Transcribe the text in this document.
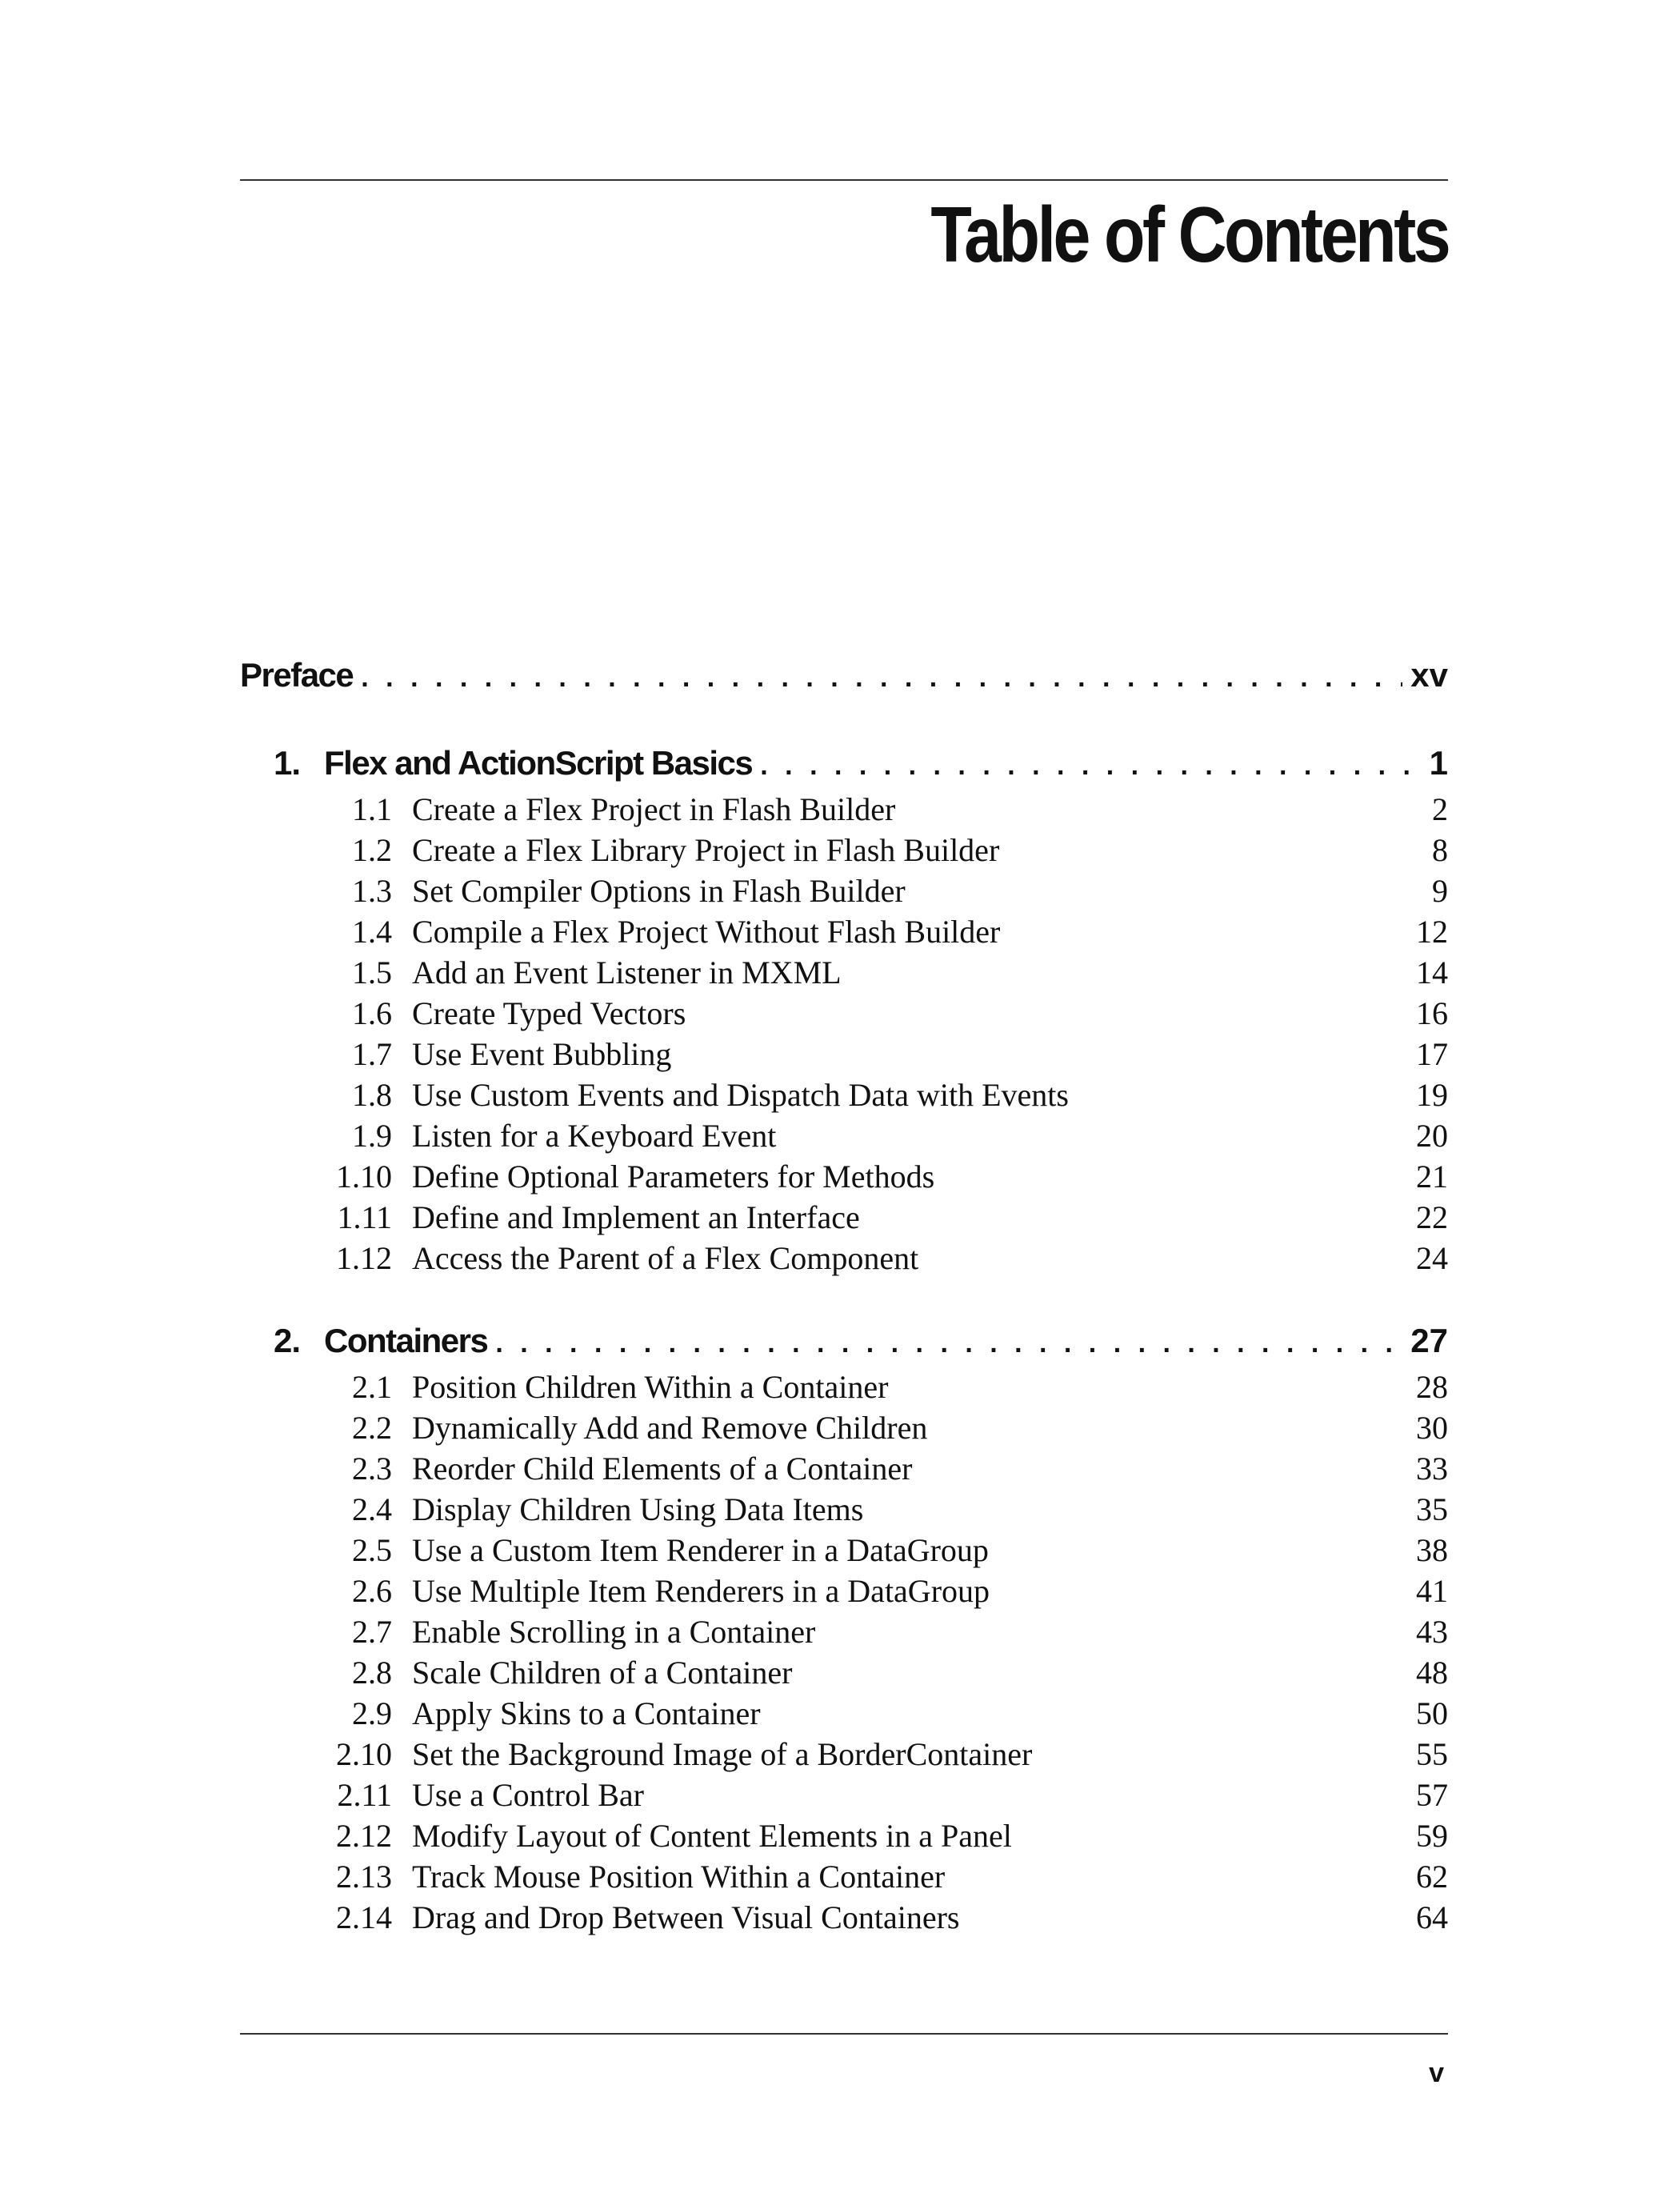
Table of Contents
Preface . . .	xv
1. Flex and ActionScript Basics . . .	1
1.1 Create a Flex Project in Flash Builder	2
1.2 Create a Flex Library Project in Flash Builder	8
1.3 Set Compiler Options in Flash Builder	9
1.4 Compile a Flex Project Without Flash Builder	12
1.5 Add an Event Listener in MXML	14
1.6 Create Typed Vectors	16
1.7 Use Event Bubbling	17
1.8 Use Custom Events and Dispatch Data with Events	19
1.9 Listen for a Keyboard Event	20
1.10 Define Optional Parameters for Methods	21
1.11 Define and Implement an Interface	22
1.12 Access the Parent of a Flex Component	24
2. Containers . . .	27
2.1 Position Children Within a Container	28
2.2 Dynamically Add and Remove Children	30
2.3 Reorder Child Elements of a Container	33
2.4 Display Children Using Data Items	35
2.5 Use a Custom Item Renderer in a DataGroup	38
2.6 Use Multiple Item Renderers in a DataGroup	41
2.7 Enable Scrolling in a Container	43
2.8 Scale Children of a Container	48
2.9 Apply Skins to a Container	50
2.10 Set the Background Image of a BorderContainer	55
2.11 Use a Control Bar	57
2.12 Modify Layout of Content Elements in a Panel	59
2.13 Track Mouse Position Within a Container	62
2.14 Drag and Drop Between Visual Containers	64
v
